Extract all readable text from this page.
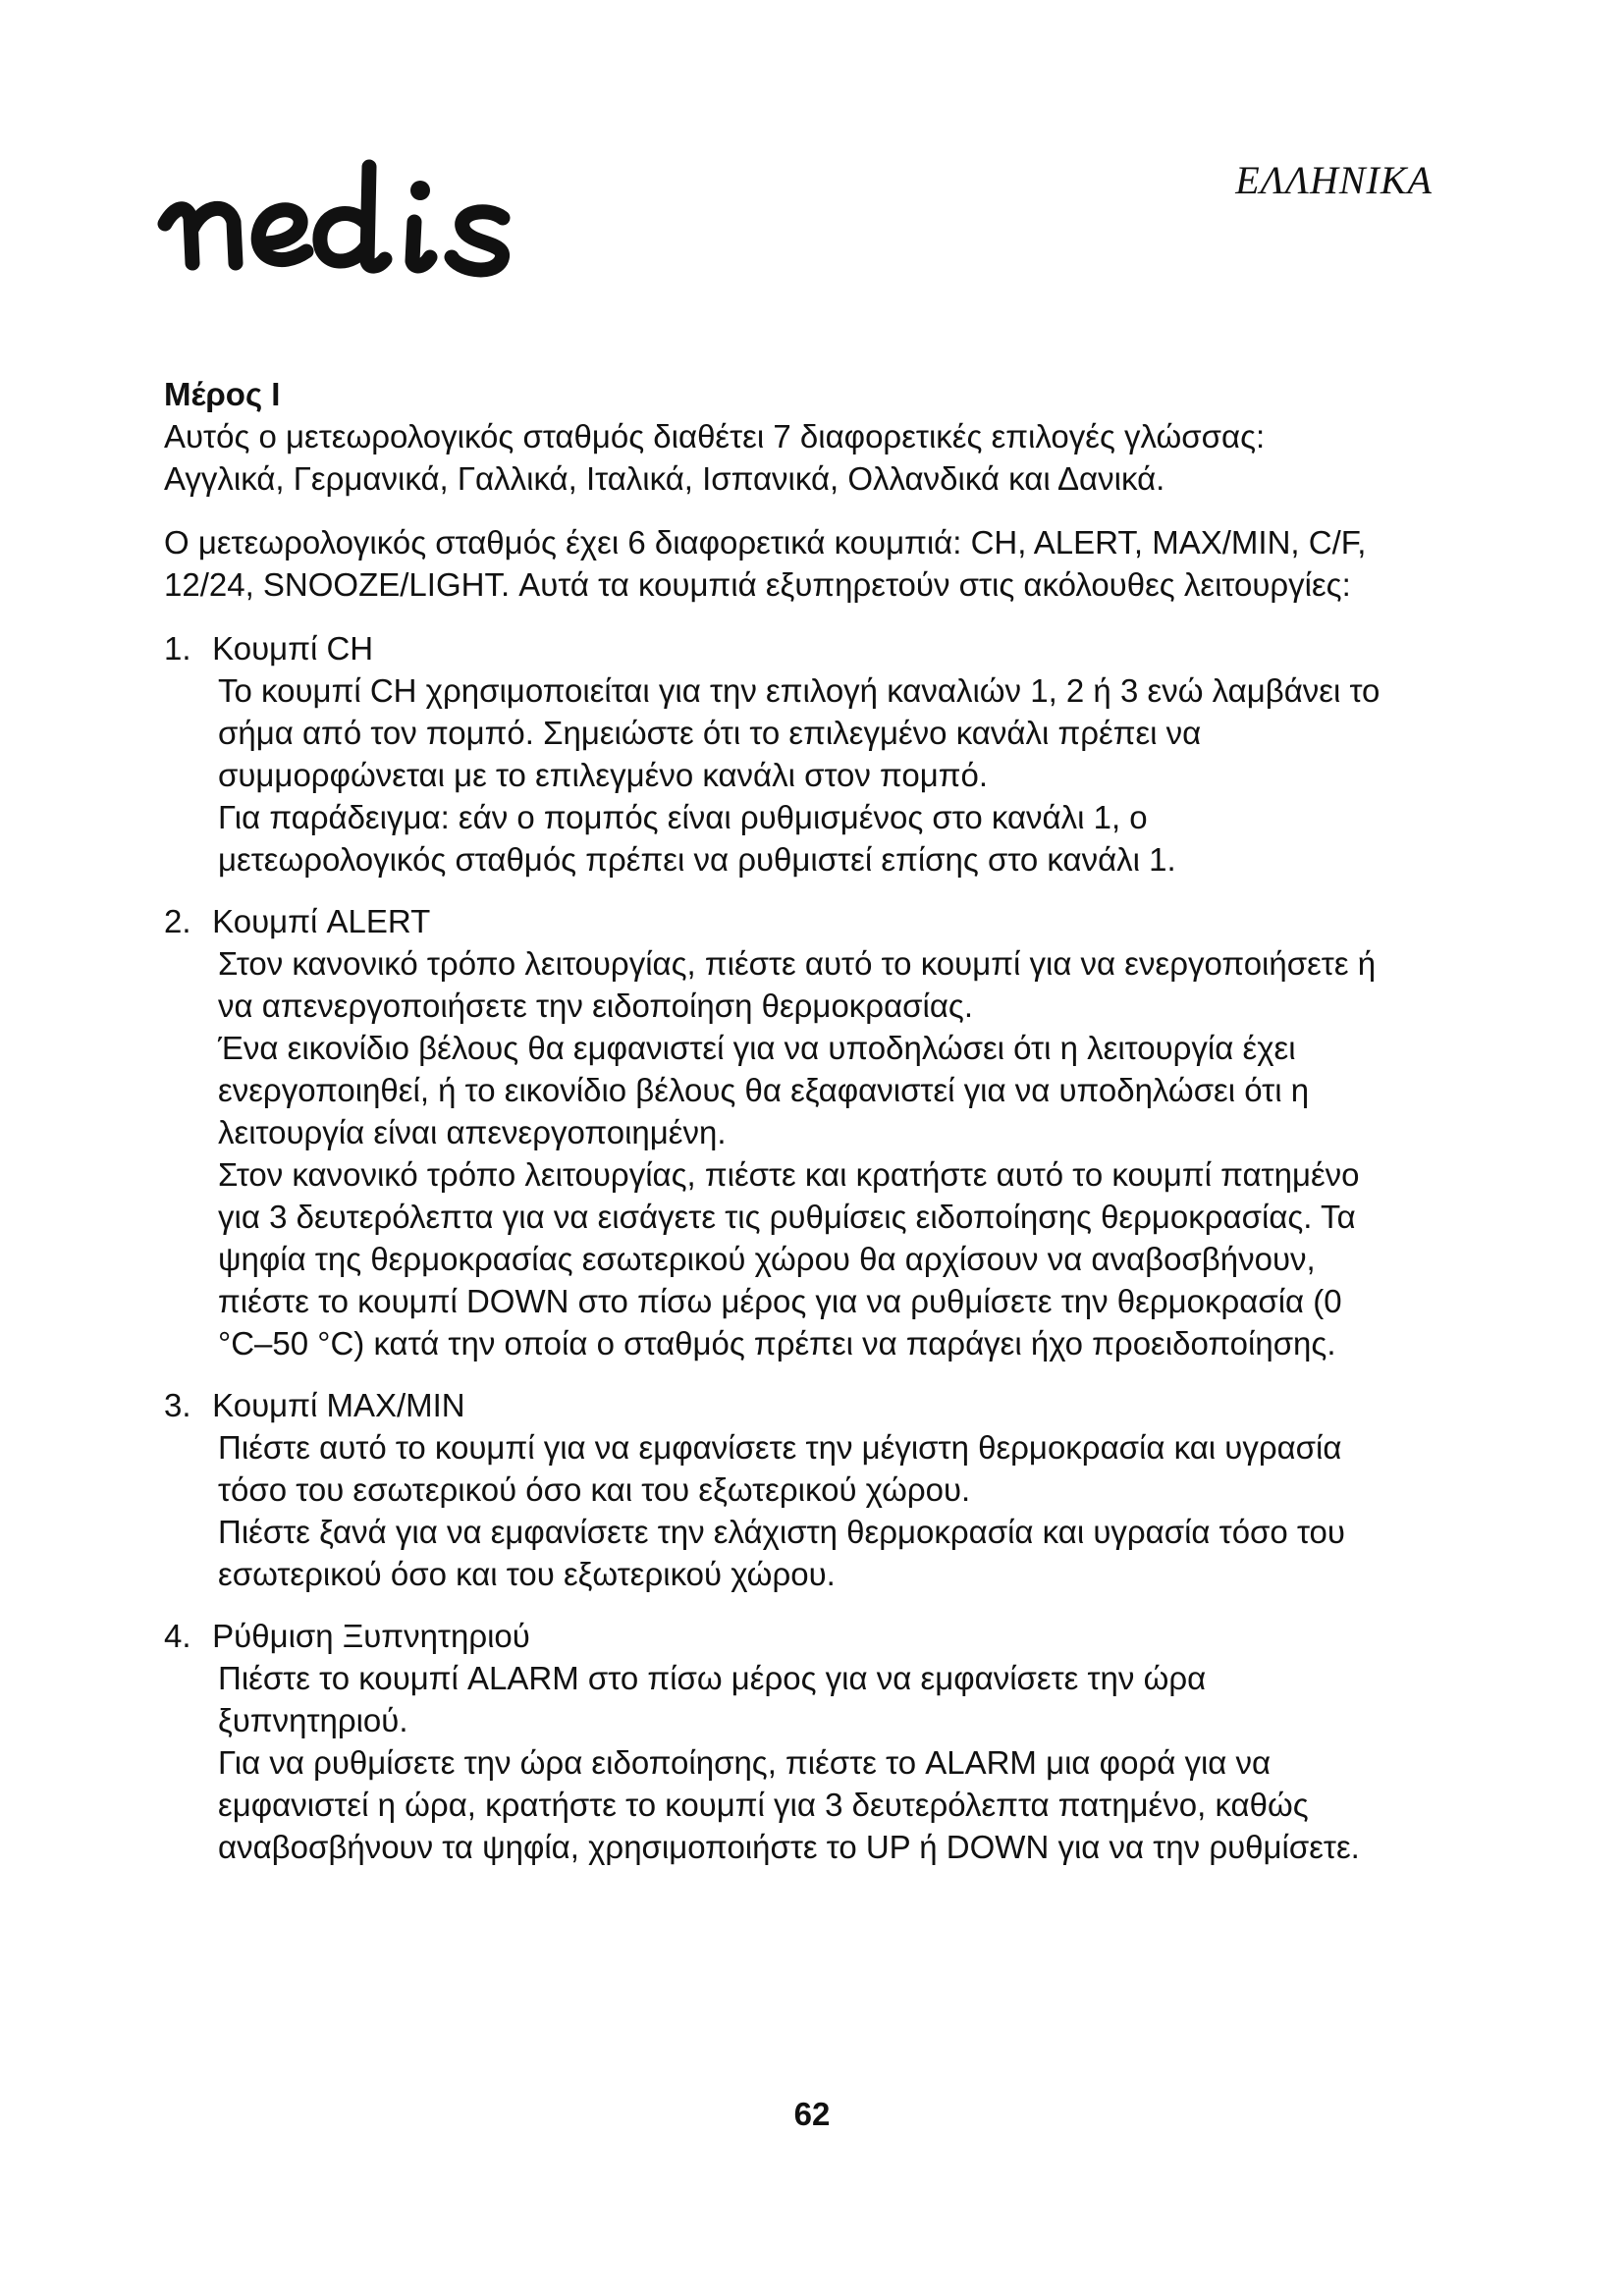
ΕΛΛΗΝΙΚΑ

Μέρος I

Αυτός ο μετεωρολογικός σταθμός διαθέτει 7 διαφορετικές επιλογές γλώσσας: Αγγλικά, Γερμανικά, Γαλλικά, Ιταλικά, Ισπανικά, Ολλανδικά και Δανικά.

Ο μετεωρολογικός σταθμός έχει 6 διαφορετικά κουμπιά: CH, ALERT, MAX/MIN, C/F, 12/24, SNOOZE/LIGHT. Αυτά τα κουμπιά εξυπηρετούν στις ακόλουθες λειτουργίες:

1. Κουμπί CH

Το κουμπί CH χρησιμοποιείται για την επιλογή καναλιών 1, 2 ή 3 ενώ λαμβάνει το σήμα από τον πομπό. Σημειώστε ότι το επιλεγμένο κανάλι πρέπει να συμμορφώνεται με το επιλεγμένο κανάλι στον πομπό.

Για παράδειγμα: εάν ο πομπός είναι ρυθμισμένος στο κανάλι 1, ο μετεωρολογικός σταθμός πρέπει να ρυθμιστεί επίσης στο κανάλι 1.

2. Κουμπί ALERT

Στον κανονικό τρόπο λειτουργίας, πιέστε αυτό το κουμπί για να ενεργοποιήσετε ή να απενεργοποιήσετε την ειδοποίηση θερμοκρασίας.

Ένα εικονίδιο βέλους θα εμφανιστεί για να υποδηλώσει ότι η λειτουργία έχει ενεργοποιηθεί, ή το εικονίδιο βέλους θα εξαφανιστεί για να υποδηλώσει ότι η λειτουργία είναι απενεργοποιημένη.

Στον κανονικό τρόπο λειτουργίας, πιέστε και κρατήστε αυτό το κουμπί πατημένο για 3 δευτερόλεπτα για να εισάγετε τις ρυθμίσεις ειδοποίησης θερμοκρασίας. Τα ψηφία της θερμοκρασίας εσωτερικού χώρου θα αρχίσουν να αναβοσβήνουν, πιέστε το κουμπί DOWN στο πίσω μέρος για να ρυθμίσετε την θερμοκρασία (0 °C–50 °C) κατά την οποία ο σταθμός πρέπει να παράγει ήχο προειδοποίησης.

3. Κουμπί MAX/MIN

Πιέστε αυτό το κουμπί για να εμφανίσετε την μέγιστη θερμοκρασία και υγρασία τόσο του εσωτερικού όσο και του εξωτερικού χώρου.

Πιέστε ξανά για να εμφανίσετε την ελάχιστη θερμοκρασία και υγρασία τόσο του εσωτερικού όσο και του εξωτερικού χώρου.

4. Ρύθμιση Ξυπνητηριού

Πιέστε το κουμπί ALARM στο πίσω μέρος για να εμφανίσετε την ώρα ξυπνητηριού.

Για να ρυθμίσετε την ώρα ειδοποίησης, πιέστε το ALARM μια φορά για να εμφανιστεί η ώρα, κρατήστε το κουμπί για 3 δευτερόλεπτα πατημένο, καθώς αναβοσβήνουν τα ψηφία, χρησιμοποιήστε το UP ή DOWN για να την ρυθμίσετε.

62
